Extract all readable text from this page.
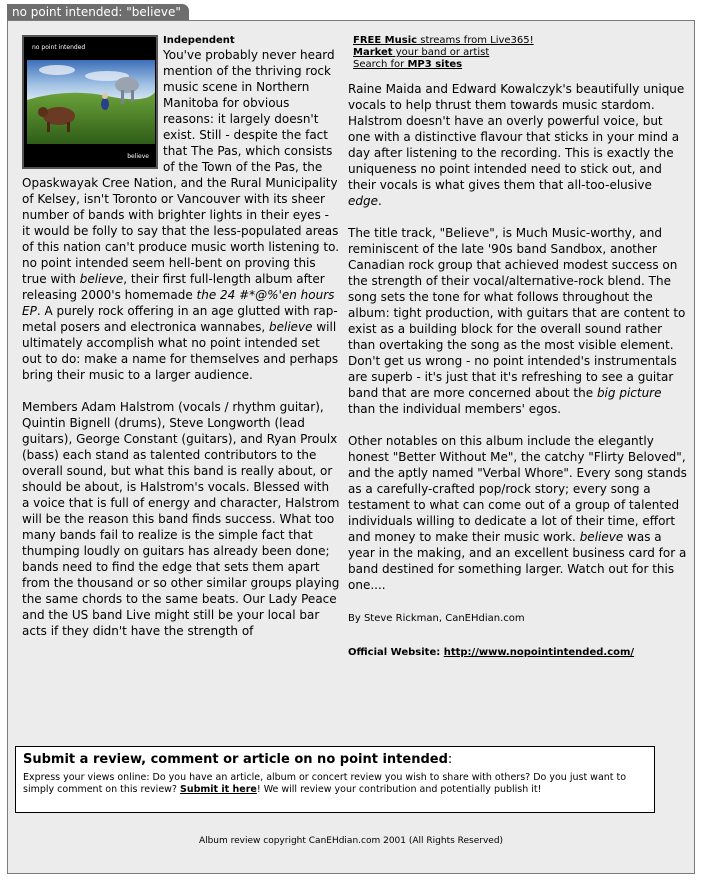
no point intended: "believe"
no point intended
believe
Independent

You've probably never heard mention of the thriving rock music scene in Northern Manitoba for obvious reasons: it largely doesn't exist. Still - despite the fact that The Pas, which consists of the Town of the Pas, the Opaskwayak Cree Nation, and the Rural Municipality of Kelsey, isn't Toronto or Vancouver with its sheer number of bands with brighter lights in their eyes - it would be folly to say that the less-populated areas of this nation can't produce music worth listening to. no point intended seem hell-bent on proving this true with believe, their first full-length album after releasing 2000's homemade the 24 #*@%'en hours EP. A purely rock offering in an age glutted with rap-metal posers and electronica wannabes, believe will ultimately accomplish what no point intended set out to do: make a name for themselves and perhaps bring their music to a larger audience.

Members Adam Halstrom (vocals / rhythm guitar), Quintin Bignell (drums), Steve Longworth (lead guitars), George Constant (guitars), and Ryan Proulx (bass) each stand as talented contributors to the overall sound, but what this band is really about, or should be about, is Halstrom's vocals. Blessed with a voice that is full of energy and character, Halstrom will be the reason this band finds success. What too many bands fail to realize is the simple fact that thumping loudly on guitars has already been done; bands need to find the edge that sets them apart from the thousand or so other similar groups playing the same chords to the same beats. Our Lady Peace and the US band Live might still be your local bar acts if they didn't have the strength of

FREE Music streams from Live365!
Market your band or artist
Search for MP3 sites

Raine Maida and Edward Kowalczyk's beautifully unique vocals to help thrust them towards music stardom. Halstrom doesn't have an overly powerful voice, but one with a distinctive flavour that sticks in your mind a day after listening to the recording. This is exactly the uniqueness no point intended need to stick out, and their vocals is what gives them that all-too-elusive edge.

The title track, "Believe", is Much Music-worthy, and reminiscent of the late '90s band Sandbox, another Canadian rock group that achieved modest success on the strength of their vocal/alternative-rock blend. The song sets the tone for what follows throughout the album: tight production, with guitars that are content to exist as a building block for the overall sound rather than overtaking the song as the most visible element. Don't get us wrong - no point intended's instrumentals are superb - it's just that it's refreshing to see a guitar band that are more concerned about the big picture than the individual members' egos.

Other notables on this album include the elegantly honest "Better Without Me", the catchy "Flirty Beloved", and the aptly named "Verbal Whore". Every song stands as a carefully-crafted pop/rock story; every song a testament to what can come out of a group of talented individuals willing to dedicate a lot of their time, effort and money to make their music work. believe was a year in the making, and an excellent business card for a band destined for something larger. Watch out for this one....

By Steve Rickman, CanEHdian.com
Official Website: http://www.nopointintended.com/
Submit a review, comment or article on no point intended:
Express your views online: Do you have an article, album or concert review you wish to share with others? Do you just want to simply comment on this review? Submit it here! We will review your contribution and potentially publish it!
Album review copyright CanEHdian.com 2001 (All Rights Reserved)
